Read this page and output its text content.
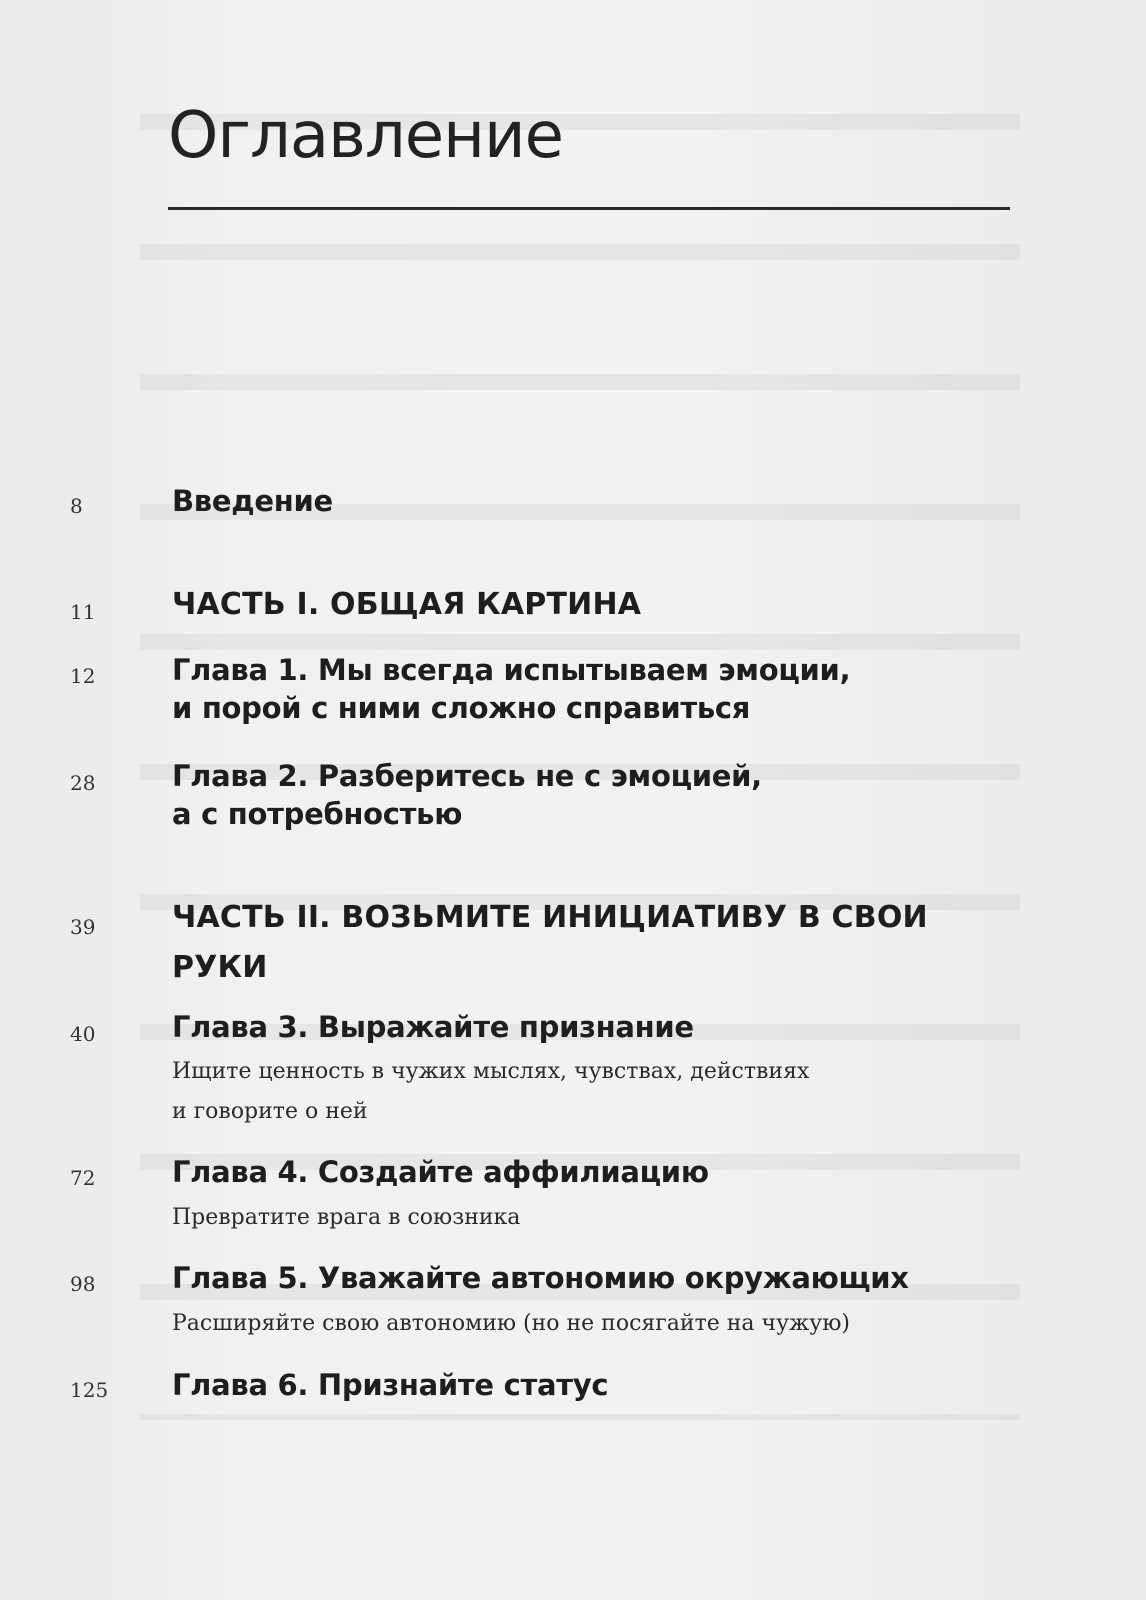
Оглавление
8	Введение
11	ЧАСТЬ I. ОБЩАЯ КАРТИНА
12	Глава 1. Мы всегда испытываем эмоции,
и порой с ними сложно справиться
28	Глава 2. Разберитесь не с эмоцией,
а с потребностью
39	ЧАСТЬ II. ВОЗЬМИТЕ ИНИЦИАТИВУ В СВОИ
РУКИ
40	Глава 3. Выражайте признание
Ищите ценность в чужих мыслях, чувствах, действиях
и говорите о ней
72	Глава 4. Создайте аффилиацию
Превратите врага в союзника
98	Глава 5. Уважайте автономию окружающих
Расширяйте свою автономию (но не посягайте на чужую)
125	Глава 6. Признайте статус
